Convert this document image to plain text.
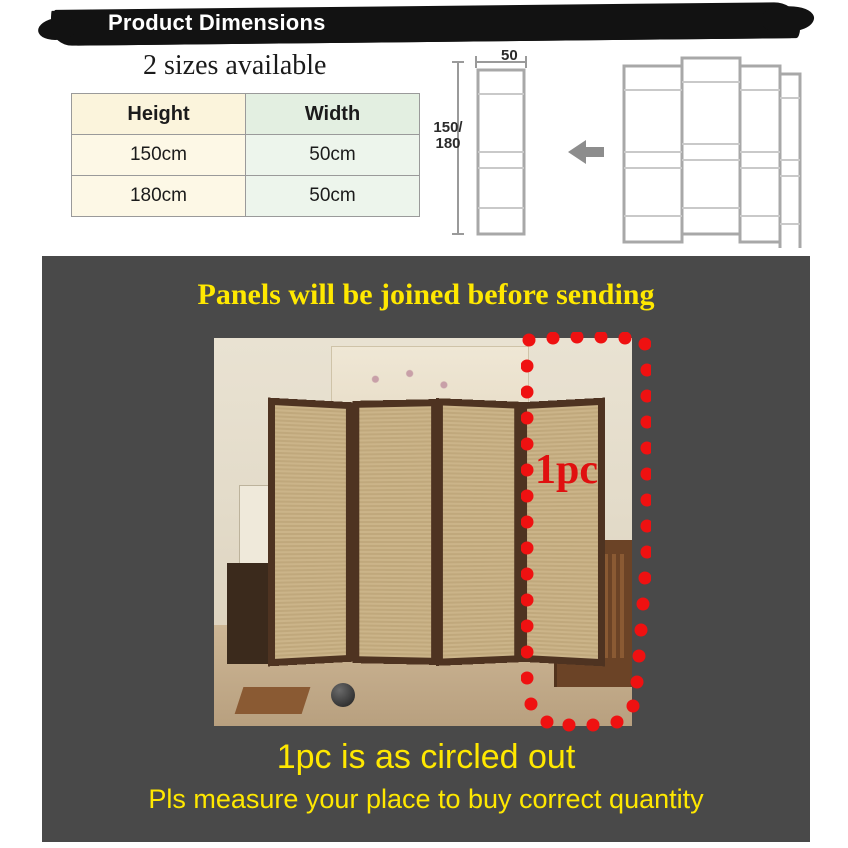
Product Dimensions
2 sizes available
Height	Width
150cm	50cm
180cm	50cm
50
150/
180
Panels will be joined before sending
1pc
1pc is as circled out
Pls measure your place to buy correct quantity
